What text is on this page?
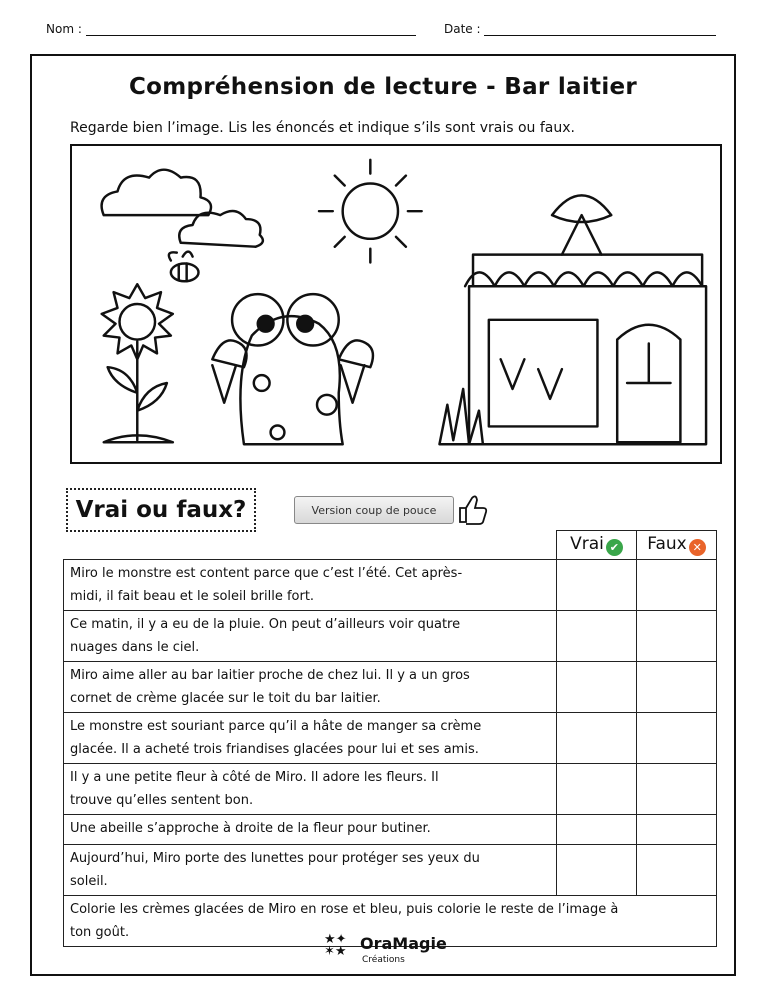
Nom :	Date :
Compréhension de lecture - Bar laitier
Regarde bien l’image. Lis les énoncés et indique s’ils sont vrais ou faux.
Vrai ou faux?	Version coup de pouce
	Vrai ✔	Faux ✕
Miro le monstre est content parce que c’est l’été. Cet après-
midi, il fait beau et le soleil brille fort.		
Ce matin, il y a eu de la pluie. On peut d’ailleurs voir quatre
nuages dans le ciel.		
Miro aime aller au bar laitier proche de chez lui. Il y a un gros
cornet de crème glacée sur le toit du bar laitier.		
Le monstre est souriant parce qu’il a hâte de manger sa crème
glacée. Il a acheté trois friandises glacées pour lui et ses amis.		
Il y a une petite fleur à côté de Miro. Il adore les fleurs. Il
trouve qu’elles sentent bon.		
Une abeille s’approche à droite de la fleur pour butiner.		
Aujourd’hui, Miro porte des lunettes pour protéger ses yeux du
soleil.		
Colorie les crèmes glacées de Miro en rose et bleu, puis colorie le reste de l’image à
ton goût.			★✦
✶★ OraMagie
Créations
